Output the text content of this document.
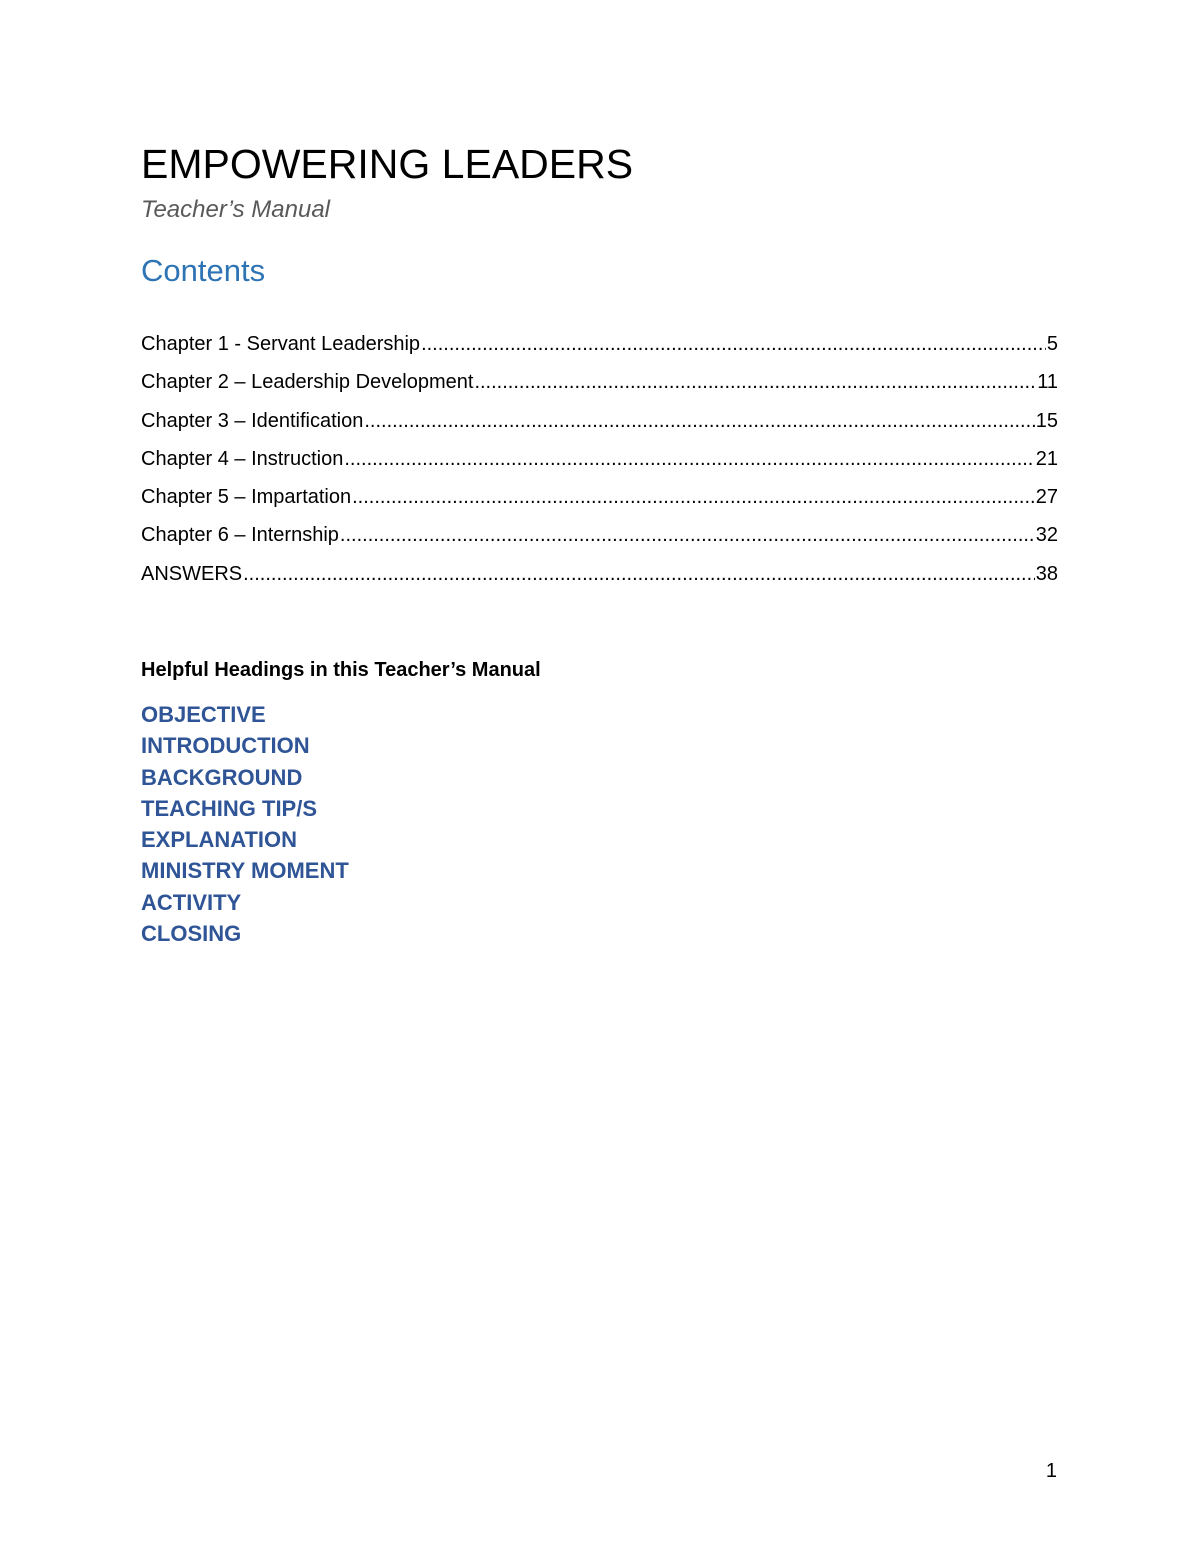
EMPOWERING LEADERS
Teacher’s Manual
Contents
Chapter 1 - Servant Leadership .....	5
Chapter 2 – Leadership Development .....	11
Chapter 3 – Identification .....	15
Chapter 4 – Instruction .....	21
Chapter 5 – Impartation .....	27
Chapter 6 – Internship .....	32
ANSWERS .....	38
Helpful Headings in this Teacher’s Manual
OBJECTIVE
INTRODUCTION
BACKGROUND
TEACHING TIP/S
EXPLANATION
MINISTRY MOMENT
ACTIVITY
CLOSING
1
